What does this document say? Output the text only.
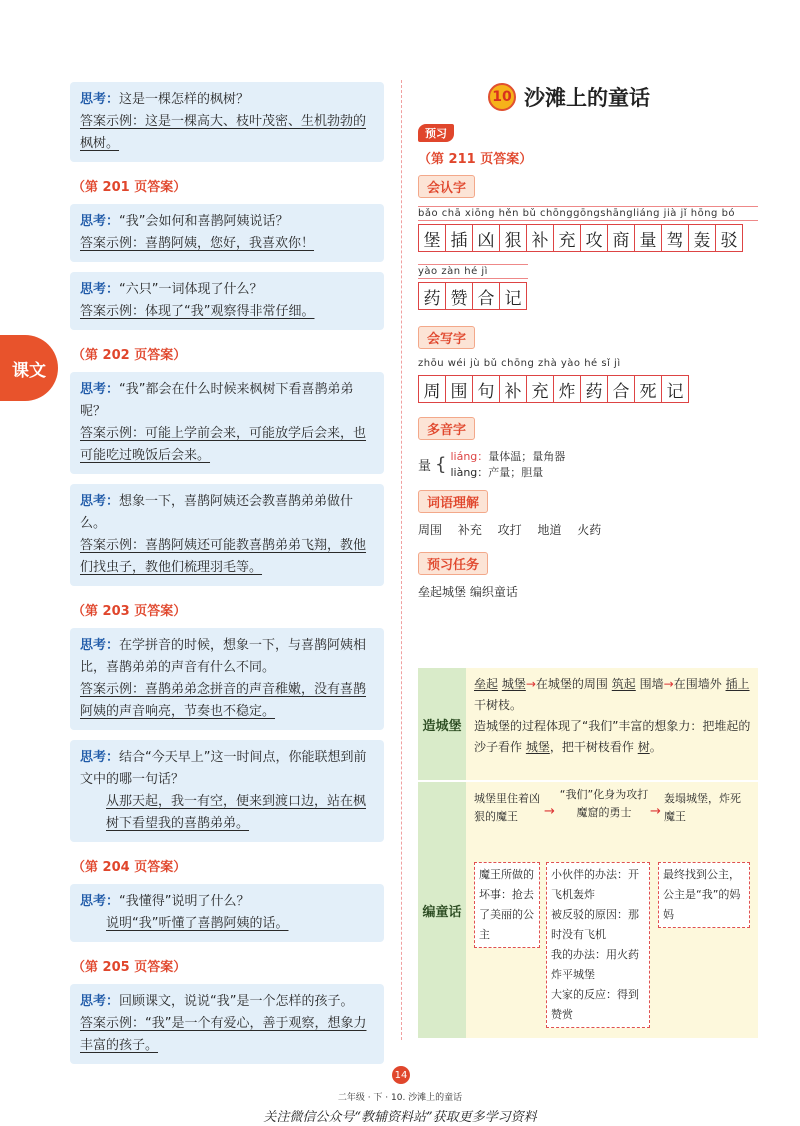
课文
思考：这是一棵怎样的枫树？
答案示例：这是一棵高大、枝叶茂密、生机勃勃的枫树。
（第 201 页答案）
思考：“我”会如何和喜鹊阿姨说话？
答案示例：喜鹊阿姨，您好，我喜欢你！
思考：“六只”一词体现了什么？
答案示例：体现了“我”观察得非常仔细。
（第 202 页答案）
思考：“我”都会在什么时候来枫树下看喜鹊弟弟呢？
答案示例：可能上学前会来，可能放学后会来，也可能吃过晚饭后会来。
思考：想象一下，喜鹊阿姨还会教喜鹊弟弟做什么。
答案示例：喜鹊阿姨还可能教喜鹊弟弟飞翔，教他们找虫子，教他们梳理羽毛等。
（第 203 页答案）
思考：在学拼音的时候，想象一下，与喜鹊阿姨相比，喜鹊弟弟的声音有什么不同。
答案示例：喜鹊弟弟念拼音的声音稚嫩，没有喜鹊阿姨的声音响亮，节奏也不稳定。
思考：结合“今天早上”这一时间点，你能联想到前文中的哪一句话？

从那天起，我一有空，便来到渡口边，站在枫树下看望我的喜鹊弟弟。
（第 204 页答案）
思考：“我懂得”说明了什么？

说明“我”听懂了喜鹊阿姨的话。
（第 205 页答案）
思考：回顾课文，说说“我”是一个怎样的孩子。
答案示例：“我”是一个有爱心，善于观察，想象力丰富的孩子。
10 沙滩上的童话
预习
（第 211 页答案）
会认字
bǎo chā xiōng hěn bǔ chōnggōngshāngliáng jià jǐ hōng bó
堡 插 凶 狠 补 充 攻 商 量 驾 轰 驳
yào zàn hé jì
药 赞 合 记
会写字
zhōu wéi jù bǔ chōng zhà yào hé sǐ jì
周 围 句 补 充 炸 药 合 死 记
多音字
量 { liáng：量体温；量角器
liàng：产量；胆量
词语理解
周围 补充 攻打 地道 火药
预习任务
垒起城堡 编织童话
造城堡
垒起 城堡→在城堡的周围 筑起 围墙→在围墙外 插上 干树枝。
造城堡的过程体现了“我们”丰富的想象力：把堆起的沙子看作 城堡，把干树枝看作 树。
编童话
城堡里住着凶狠的魔王	→
“我们”化身为攻打魔窟的勇士	→
轰塌城堡，炸死魔王
魔王所做的坏事：抢去了美丽的公主
小伙伴的办法：开飞机轰炸
被反驳的原因：那时没有飞机
我的办法：用火药炸平城堡
大家的反应：得到赞赏
最终找到公主，公主是“我”的妈妈
14
二年级 · 下 · 10. 沙滩上的童话
关注微信公众号“教辅资料站”获取更多学习资料
